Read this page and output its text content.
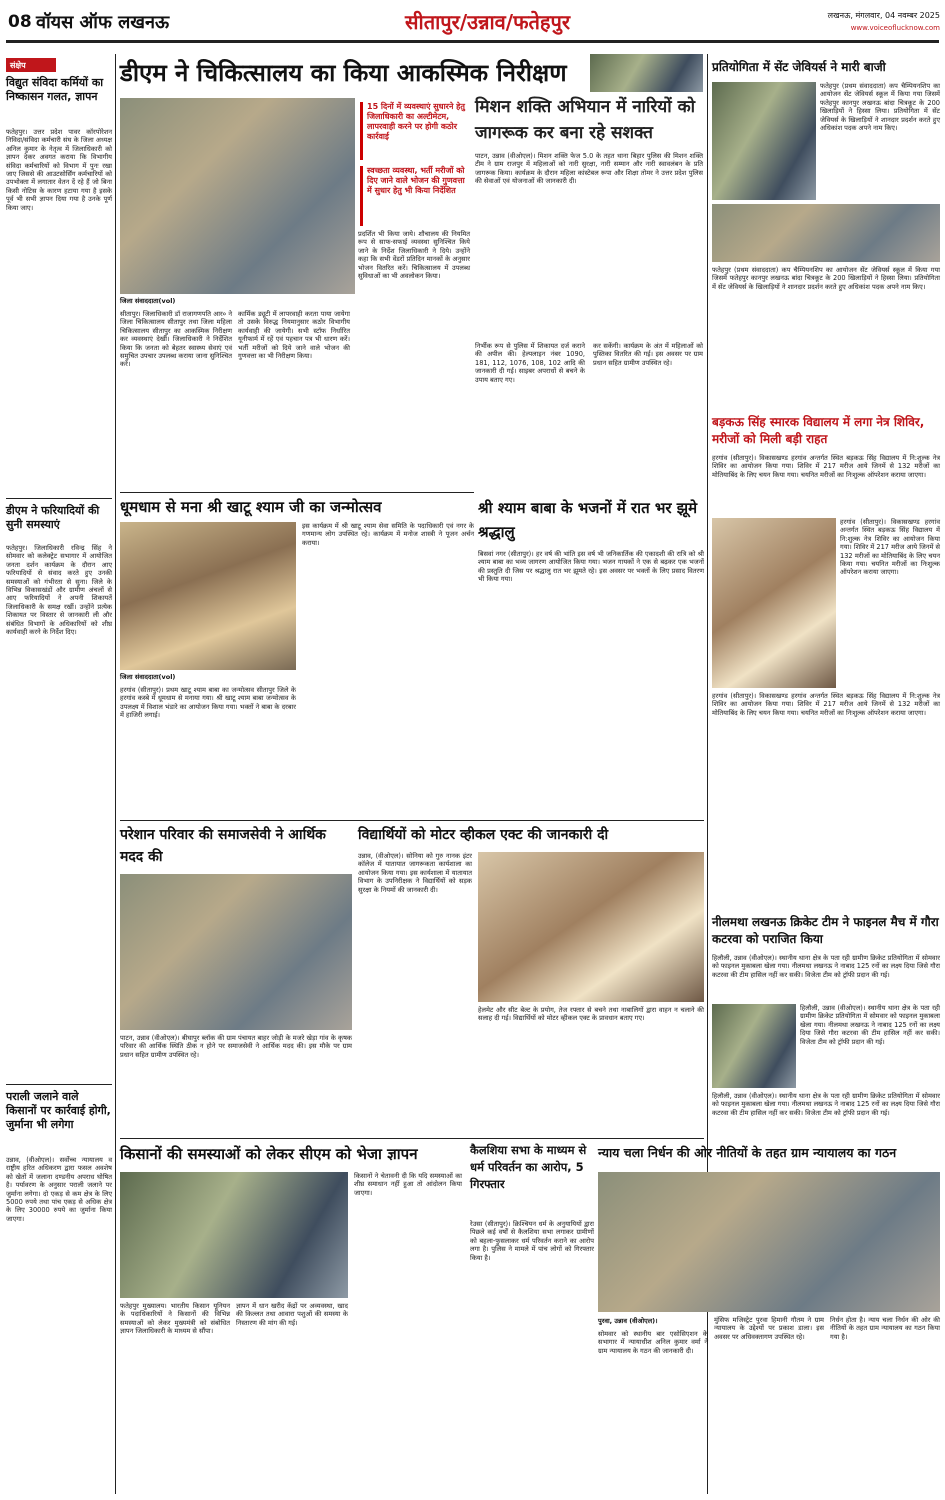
08 वॉयस ऑफ लखनऊ	सीतापुर/उन्नाव/फतेहपुर	लखनऊ, मंगलवार, 04 नवम्बर 2025
www.voiceoflucknow.com
संक्षेप
विद्युत संविदा कर्मियों का निष्कासन गलत, ज्ञापन
फतेहपुर। उत्तर प्रदेश पावर कॉरपोरेशन निविदा/संविदा कर्मचारी संघ के जिला अध्यक्ष अनिल कुमार के नेतृत्व में जिलाधिकारी को ज्ञापन देकर अवगत कराया कि विभागीय संविदा कर्मचारियों को विभाग में पुनः रखा जाए जिससे की आउटसोर्सिंग कर्मचारियों को उपभोक्ता में लगातार वेतन दें रहे हैं जो बिना किसी नोटिस के कारण हटाया गया है इसके पूर्व भी सभी ज्ञापन दिया गया है उनके पूर्ण किया जाए।
डीएम ने फरियादियों की सुनी समस्याएं
फतेहपुर। जिलाधिकारी रविन्द्र सिंह ने सोमवार को कलेक्ट्रेट सभागार में आयोजित जनता दर्शन कार्यक्रम के दौरान आए फरियादियों से संवाद करते हुए उनकी समस्याओं को गंभीरता से सुना। जिले के विभिन्न विकासखंडों और ग्रामीण अंचलों से आए फरियादियों ने अपनी शिकायतें जिलाधिकारी के समक्ष रखीं। उन्होंने प्रत्येक शिकायत पर विस्तार से जानकारी ली और संबंधित विभागों के अधिकारियों को शीघ्र कार्यवाही करने के निर्देश दिए।
पराली जलाने वाले किसानों पर कार्रवाई होगी, जुर्माना भी लगेगा
उन्नाव, (वीओएल)। सर्वोच्च न्यायालय व राष्ट्रीय हरित अधिकरण द्वारा फसल अवशेष को खेतों में जलाना दण्डनीय अपराध घोषित है। पर्यावरण के अनुसार पराली जलाने पर जुर्माना लगेगा। दो एकड़ से कम क्षेत्र के लिए 5000 रुपये तथा पांच एकड़ से अधिक क्षेत्र के लिए 30000 रुपये का जुर्माना किया जाएगा।
डीएम ने चिकित्सालय का किया आकस्मिक निरीक्षण
जिला संवाददाता(vol)
15 दिनों में व्यवस्थाएं सुधारने हेतु जिलाधिकारी का अल्टीमेटम, लापरवाही करने पर होगी कठोर कार्रवाई
स्वच्छता व्यवस्था, भर्ती मरीजों को दिए जाने वाले भोजन की गुणवत्ता में सुधार हेतु भी किया निर्देशित
सीतापुर। जिलाधिकारी डॉ राजागणपति आर० ने जिला चिकित्सालय सीतापुर तथा जिला महिला चिकित्सालय सीतापुर का आकस्मिक निरीक्षण कर व्यवस्थाएं देखीं। जिलाधिकारी ने निर्देशित किया कि जनता को बेहतर स्वास्थ्य सेवाएं एवं समुचित उपचार उपलब्ध कराया जाना सुनिश्चित करें।
कार्मिक ड्यूटी में लापरवाही करता पाया जायेगा तो उसके विरुद्ध नियमानुसार कठोर विभागीय कार्यवाही की जायेगी। सभी स्टॉफ निर्धारित यूनीफार्म में रहें एवं पहचान पत्र भी धारण करें। भर्ती मरीजों को दिये जाने वाले भोजन की गुणवत्ता का भी निरीक्षण किया।
प्रदर्शित भी किया जाये। शौचालय की नियमित रूप से साफ-सफाई व्यवस्था सुनिश्चित किये जाने के निर्देश जिलाधिकारी ने दिये। उन्होंने कहा कि सभी वेंडरों प्रतिदिन मानकों के अनुसार भोजन वितरित करें। चिकित्सालय में उपलब्ध सुविधाओं का भी अवलोकन किया।
मिशन शक्ति अभियान में नारियों को जागरूक कर बना रहे सशक्त
पाटन, उन्नाव (वीओएल)। मिशन शक्ति फेज 5.0 के तहत थाना बिहार पुलिस की मिशन शक्ति टीम ने ग्राम राजपुर में महिलाओं को नारी सुरक्षा, नारी सम्मान और नारी स्वावलंबन के प्रति जागरूक किया। कार्यक्रम के दौरान महिला कांस्टेबल रूपा और शिक्षा तोमर ने उत्तर प्रदेश पुलिस की सेवाओं एवं योजनाओं की जानकारी दी।
निर्भीक रूप से पुलिस में शिकायत दर्ज कराने की अपील की। हेल्पलाइन नंबर 1090, 181, 112, 1076, 108, 102 आदि की जानकारी दी गई। साइबर अपराधों से बचने के उपाय बताए गए।
कर सकेंगी। कार्यक्रम के अंत में महिलाओं को पुस्तिका वितरित की गई। इस अवसर पर ग्राम प्रधान सहित ग्रामीण उपस्थित रहे।
प्रतियोगिता में सेंट जेवियर्स ने मारी बाजी
फतेहपुर (प्रथम संवाददाता) कप चैम्पियनशिप का आयोजन सेंट जेवियर्स स्कूल में किया गया जिसमें फतेहपुर कानपुर लखनऊ बांदा चित्रकूट के 200 खिलाड़ियों ने हिस्सा लिया। प्रतियोगिता में सेंट जेवियर्स के खिलाड़ियों ने शानदार प्रदर्शन करते हुए अधिकांश पदक अपने नाम किए।
फतेहपुर (प्रथम संवाददाता) कप चैम्पियनशिप का आयोजन सेंट जेवियर्स स्कूल में किया गया जिसमें फतेहपुर कानपुर लखनऊ बांदा चित्रकूट के 200 खिलाड़ियों ने हिस्सा लिया। प्रतियोगिता में सेंट जेवियर्स के खिलाड़ियों ने शानदार प्रदर्शन करते हुए अधिकांश पदक अपने नाम किए।
बड़कऊ सिंह स्मारक विद्यालय में लगा नेत्र शिविर, मरीजों को मिली बड़ी राहत
हरगांव (सीतापुर)। विकासखण्ड हरगांव अन्तर्गत स्थित बड़कऊ सिंह विद्यालय में नि:शुल्क नेत्र शिविर का आयोजन किया गया। शिविर में 217 मरीज आये जिनमें से 132 मरीजों का मोतियाबिंद के लिए चयन किया गया। चयनित मरीजों का निःशुल्क ऑपरेशन कराया जाएगा।
हरगांव (सीतापुर)। विकासखण्ड हरगांव अन्तर्गत स्थित बड़कऊ सिंह विद्यालय में नि:शुल्क नेत्र शिविर का आयोजन किया गया। शिविर में 217 मरीज आये जिनमें से 132 मरीजों का मोतियाबिंद के लिए चयन किया गया। चयनित मरीजों का निःशुल्क ऑपरेशन कराया जाएगा।
हरगांव (सीतापुर)। विकासखण्ड हरगांव अन्तर्गत स्थित बड़कऊ सिंह विद्यालय में नि:शुल्क नेत्र शिविर का आयोजन किया गया। शिविर में 217 मरीज आये जिनमें से 132 मरीजों का मोतियाबिंद के लिए चयन किया गया। चयनित मरीजों का निःशुल्क ऑपरेशन कराया जाएगा।
नीलमथा लखनऊ क्रिकेट टीम ने फाइनल मैच में गौरा कटरवा को पराजित किया
हिलौली, उन्नाव (वीओएल)। स्थानीय थाना क्षेत्र के पता रही ग्रामीण क्रिकेट प्रतियोगिता में सोमवार को फाइनल मुकाबला खेला गया। नीलमथा लखनऊ ने नाबाद 125 रनों का लक्ष्य दिया जिसे गौरा कटरवा की टीम हासिल नहीं कर सकी। विजेता टीम को ट्रॉफी प्रदान की गई।
हिलौली, उन्नाव (वीओएल)। स्थानीय थाना क्षेत्र के पता रही ग्रामीण क्रिकेट प्रतियोगिता में सोमवार को फाइनल मुकाबला खेला गया। नीलमथा लखनऊ ने नाबाद 125 रनों का लक्ष्य दिया जिसे गौरा कटरवा की टीम हासिल नहीं कर सकी। विजेता टीम को ट्रॉफी प्रदान की गई।
हिलौली, उन्नाव (वीओएल)। स्थानीय थाना क्षेत्र के पता रही ग्रामीण क्रिकेट प्रतियोगिता में सोमवार को फाइनल मुकाबला खेला गया। नीलमथा लखनऊ ने नाबाद 125 रनों का लक्ष्य दिया जिसे गौरा कटरवा की टीम हासिल नहीं कर सकी। विजेता टीम को ट्रॉफी प्रदान की गई।
धूमधाम से मना श्री खाटू श्याम जी का जन्मोत्सव
जिला संवाददाता(vol)
हरगांव (सीतापुर)। प्रथम खाटू श्याम बाबा का जन्मोत्सव सीतापुर जिले के हरगांव कस्बे में धूमधाम से मनाया गया। श्री खाटू श्याम बाबा जन्मोत्सव के उपलक्ष्य में विशाल भंडारे का आयोजन किया गया। भक्तों ने बाबा के दरबार में हाजिरी लगाई।
इस कार्यक्रम में श्री खाटू श्याम सेवा समिति के पदाधिकारी एवं नगर के गणमान्य लोग उपस्थित रहे। कार्यक्रम में मनोज शास्त्री ने पूजन अर्चन कराया।
श्री श्याम बाबा के भजनों में रात भर झूमे श्रद्धालु
बिसवां नगर (सीतापुर)। हर वर्ष की भांति इस वर्ष भी जनिकार्तिक की एकादशी की रात्रि को श्री श्याम बाबा का भव्य जागरण आयोजित किया गया। भजन गायकों ने एक से बढ़कर एक भजनों की प्रस्तुति दी जिस पर श्रद्धालु रात भर झूमते रहे। इस अवसर पर भक्तों के लिए प्रसाद वितरण भी किया गया।
परेशान परिवार की समाजसेवी ने आर्थिक मदद की
पाटन, उन्नाव (वीओएल)। बीघापुर ब्लॉक की ग्राम पंचायत बाहर जोड़ी के मजरे खेड़ा गांव के कृषक परिवार की आर्थिक स्थिति ठीक न होने पर समाजसेवी ने आर्थिक मदद की। इस मौके पर ग्राम प्रधान सहित ग्रामीण उपस्थित रहे।
विद्यार्थियों को मोटर व्हीकल एक्ट की जानकारी दी
उन्नाव, (वीओएल)। सोनिया को गुरु नानक इंटर कॉलेज में यातायात जागरूकता कार्यशाला का आयोजन किया गया। इस कार्यशाला में यातायात विभाग के उपनिरीक्षक ने विद्यार्थियों को सड़क सुरक्षा के नियमों की जानकारी दी।
हेलमेट और सीट बेल्ट के प्रयोग, तेज रफ्तार से बचने तथा नाबालिगों द्वारा वाहन न चलाने की सलाह दी गई। विद्यार्थियों को मोटर व्हीकल एक्ट के प्रावधान बताए गए।
किसानों की समस्याओं को लेकर सीएम को भेजा ज्ञापन
फतेहपुर मुख्यालय। भारतीय किसान यूनियन के पदाधिकारियों ने किसानों की विभिन्न समस्याओं को लेकर मुख्यमंत्री को संबोधित ज्ञापन जिलाधिकारी के माध्यम से सौंपा।
ज्ञापन में धान खरीद केंद्रों पर अव्यवस्था, खाद की किल्लत तथा आवारा पशुओं की समस्या के निस्तारण की मांग की गई।
किसानों ने चेतावनी दी कि यदि समस्याओं का शीघ्र समाधान नहीं हुआ तो आंदोलन किया जाएगा।
कैलशिया सभा के माध्यम से धर्म परिवर्तन का आरोप, 5 गिरफ्तार
रेउसा (सीतापुर)। क्रिश्चियन धर्म के अनुयायियों द्वारा पिछले कई वर्षों से कैलशिया सभा लगाकर ग्रामीणों को बहला-फुसलाकर धर्म परिवर्तन कराने का आरोप लगा है। पुलिस ने मामले में पांच लोगों को गिरफ्तार किया है।
न्याय चला निर्धन की ओर नीतियों के तहत ग्राम न्यायालय का गठन
पुरवा, उन्नाव (वीओएल)।
सोमवार को स्थानीय बार एसोसिएशन के सभागार में न्यायाधीश अनिल कुमार वर्मा ने ग्राम न्यायालय के गठन की जानकारी दी।
मुंसिफ मजिस्ट्रेट पुरवा हिमानी गौतम ने ग्राम न्यायालय के उद्देश्यों पर प्रकाश डाला। इस अवसर पर अधिवक्तागण उपस्थित रहे।
निर्धन होता है। न्याय चला निर्धन की ओर की नीतियों के तहत ग्राम न्यायालय का गठन किया गया है।
